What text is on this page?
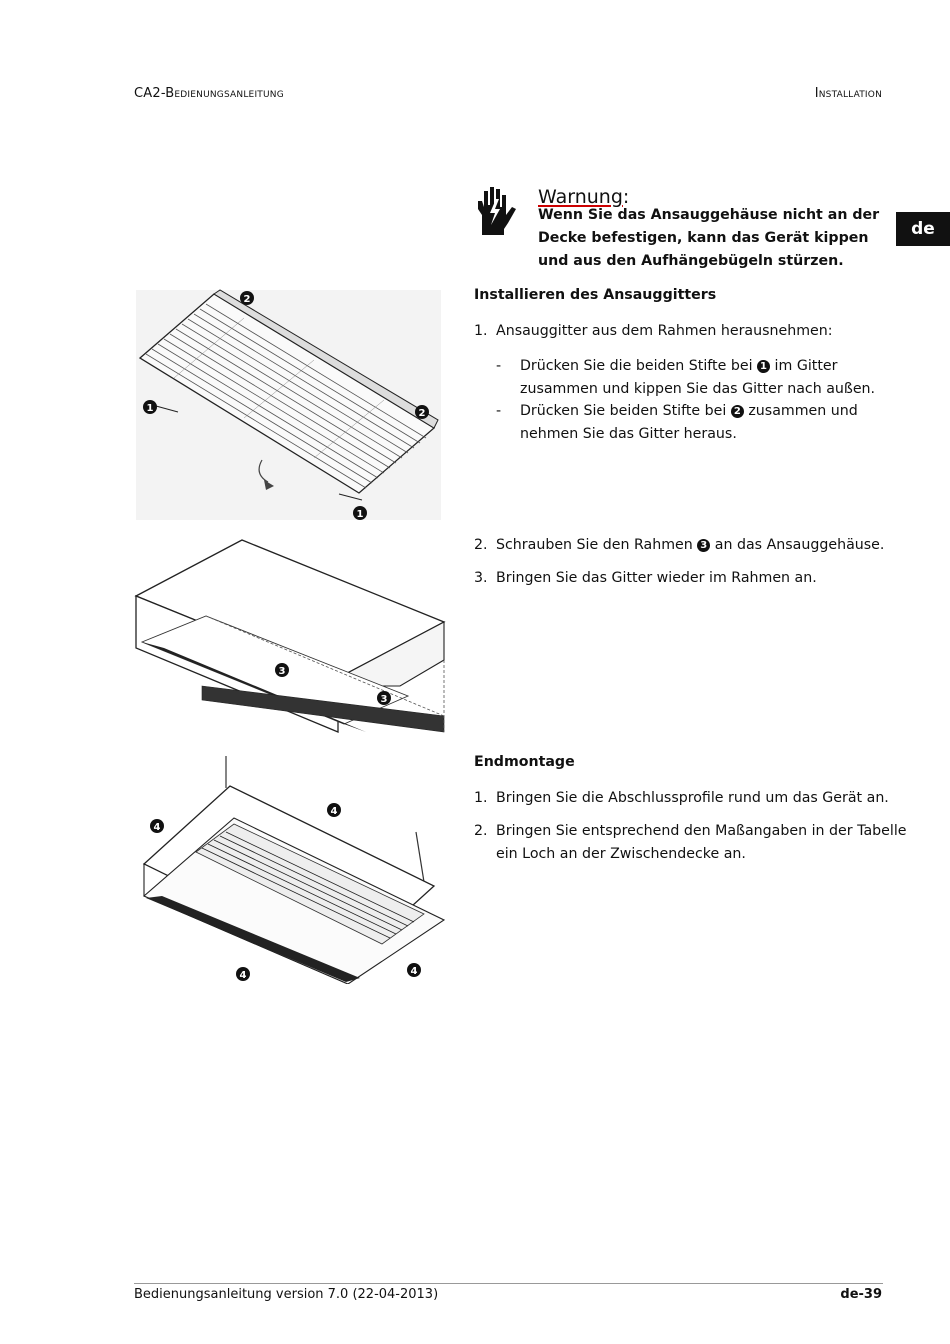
CA2-Bedienungsanleitung	Installation
de
Warnung:
Wenn Sie das Ansauggehäuse nicht an der Decke befestigen, kann das Gerät kippen und aus den Aufhängebügeln stürzen.
Installieren des Ansauggitters
1. Ansauggitter aus dem Rahmen herausnehmen:
- Drücken Sie die beiden Stifte bei 1 im Gitter
zusammen und kippen Sie das Gitter nach außen.
- Drücken Sie beiden Stifte bei 2 zusammen und
nehmen Sie das Gitter heraus.
2. Schrauben Sie den Rahmen 3 an das Ansauggehäuse.
3. Bringen Sie das Gitter wieder im Rahmen an.
Endmontage
1. Bringen Sie die Abschlussprofile rund um das Gerät an.
2. Bringen Sie entsprechend den Maßangaben in der Tabelle
ein Loch an der Zwischendecke an.
2
1	2
1
3
3
4
4
4	4
Bedienungsanleitung version 7.0 (22-04-2013)	de-39
